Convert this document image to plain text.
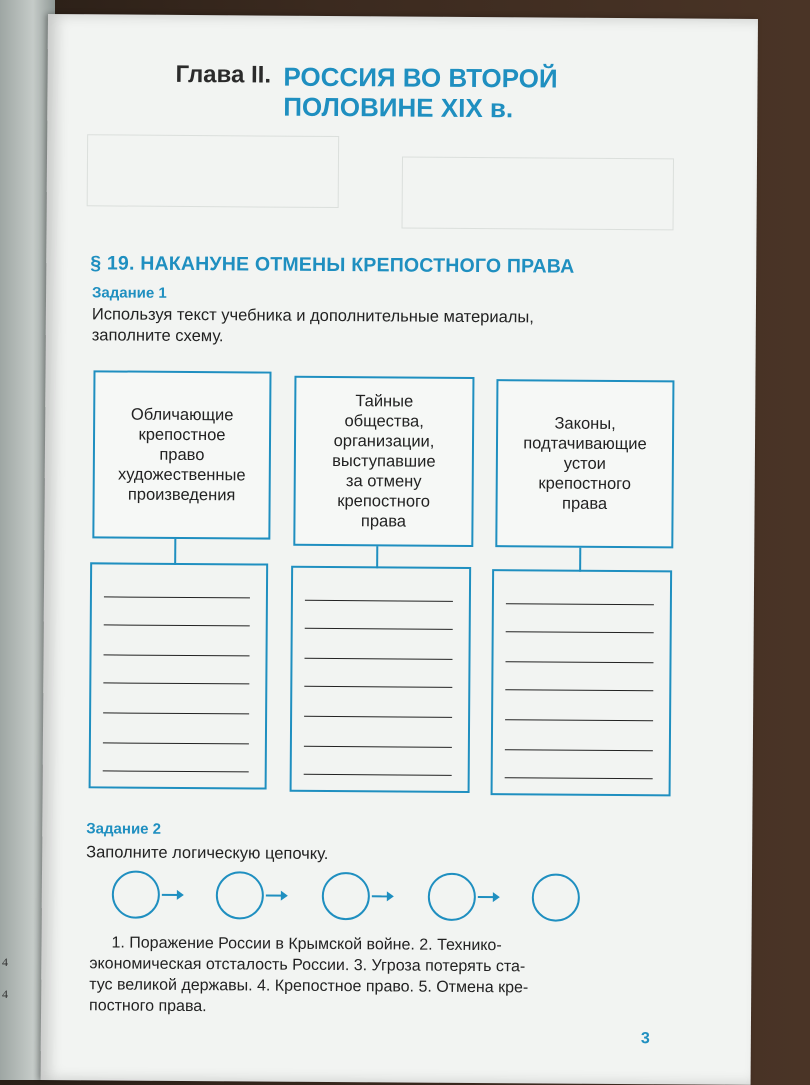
4
4
Глава II. РОССИЯ ВО ВТОРОЙ
ПОЛОВИНЕ XIX в.
§ 19. НАКАНУНЕ ОТМЕНЫ КРЕПОСТНОГО ПРАВА
Задание 1
Используя текст учебника и дополнительные материалы,
заполните схему.
Обличающие
крепостное
право
художественные
произведения
Тайные
общества,
организации,
выступавшие
за отмену
крепостного
права
Законы,
подтачивающие
устои
крепостного
права
Задание 2
Заполните логическую цепочку.
1. Поражение России в Крымской войне. 2. Технико-
экономическая отсталость России. 3. Угроза потерять ста-
тус великой державы. 4. Крепостное право. 5. Отмена кре-
постного права.
3
